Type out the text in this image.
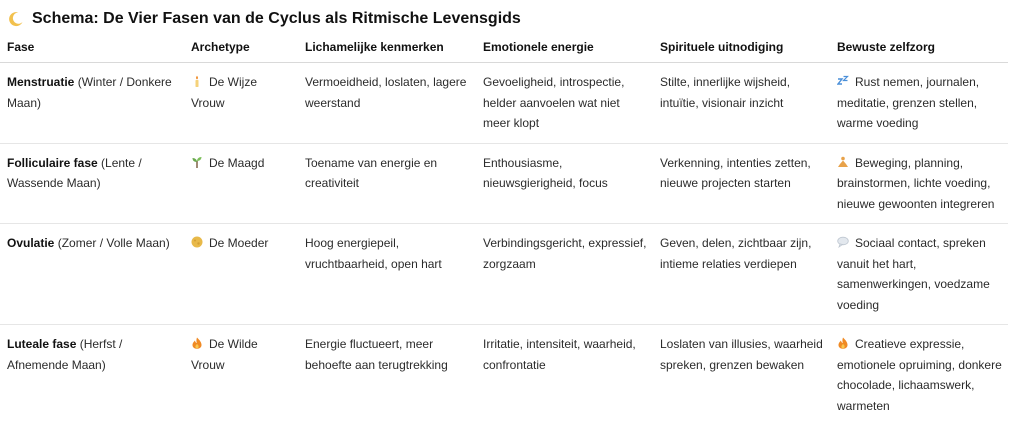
Schema: De Vier Fasen van de Cyclus als Ritmische Levensgids
Fase	Archetype	Lichamelijke kenmerken	Emotionele energie	Spirituele uitnodiging	Bewuste zelfzorg
Menstruatie (Winter / Donkere Maan)	De Wijze Vrouw	Vermoeidheid, loslaten, lagere weerstand	Gevoeligheid, introspectie, helder aanvoelen wat niet meer klopt	Stilte, innerlijke wijsheid, intuïtie, visionair inzicht	Rust nemen, journalen, meditatie, grenzen stellen, warme voeding
Folliculaire fase (Lente / Wassende Maan)	De Maagd	Toename van energie en creativiteit	Enthousiasme, nieuwsgierigheid, focus	Verkenning, intenties zetten, nieuwe projecten starten	Beweging, planning, brainstormen, lichte voeding, nieuwe gewoonten integreren
Ovulatie (Zomer / Volle Maan)	De Moeder	Hoog energiepeil, vruchtbaarheid, open hart	Verbindingsgericht, expressief, zorgzaam	Geven, delen, zichtbaar zijn, intieme relaties verdiepen	Sociaal contact, spreken vanuit het hart, samenwerkingen, voedzame voeding
Luteale fase (Herfst / Afnemende Maan)	De Wilde Vrouw	Energie fluctueert, meer behoefte aan terugtrekking	Irritatie, intensiteit, waarheid, confrontatie	Loslaten van illusies, waarheid spreken, grenzen bewaken	Creatieve expressie, emotionele opruiming, donkere chocolade, lichaamswerk, warmeten
